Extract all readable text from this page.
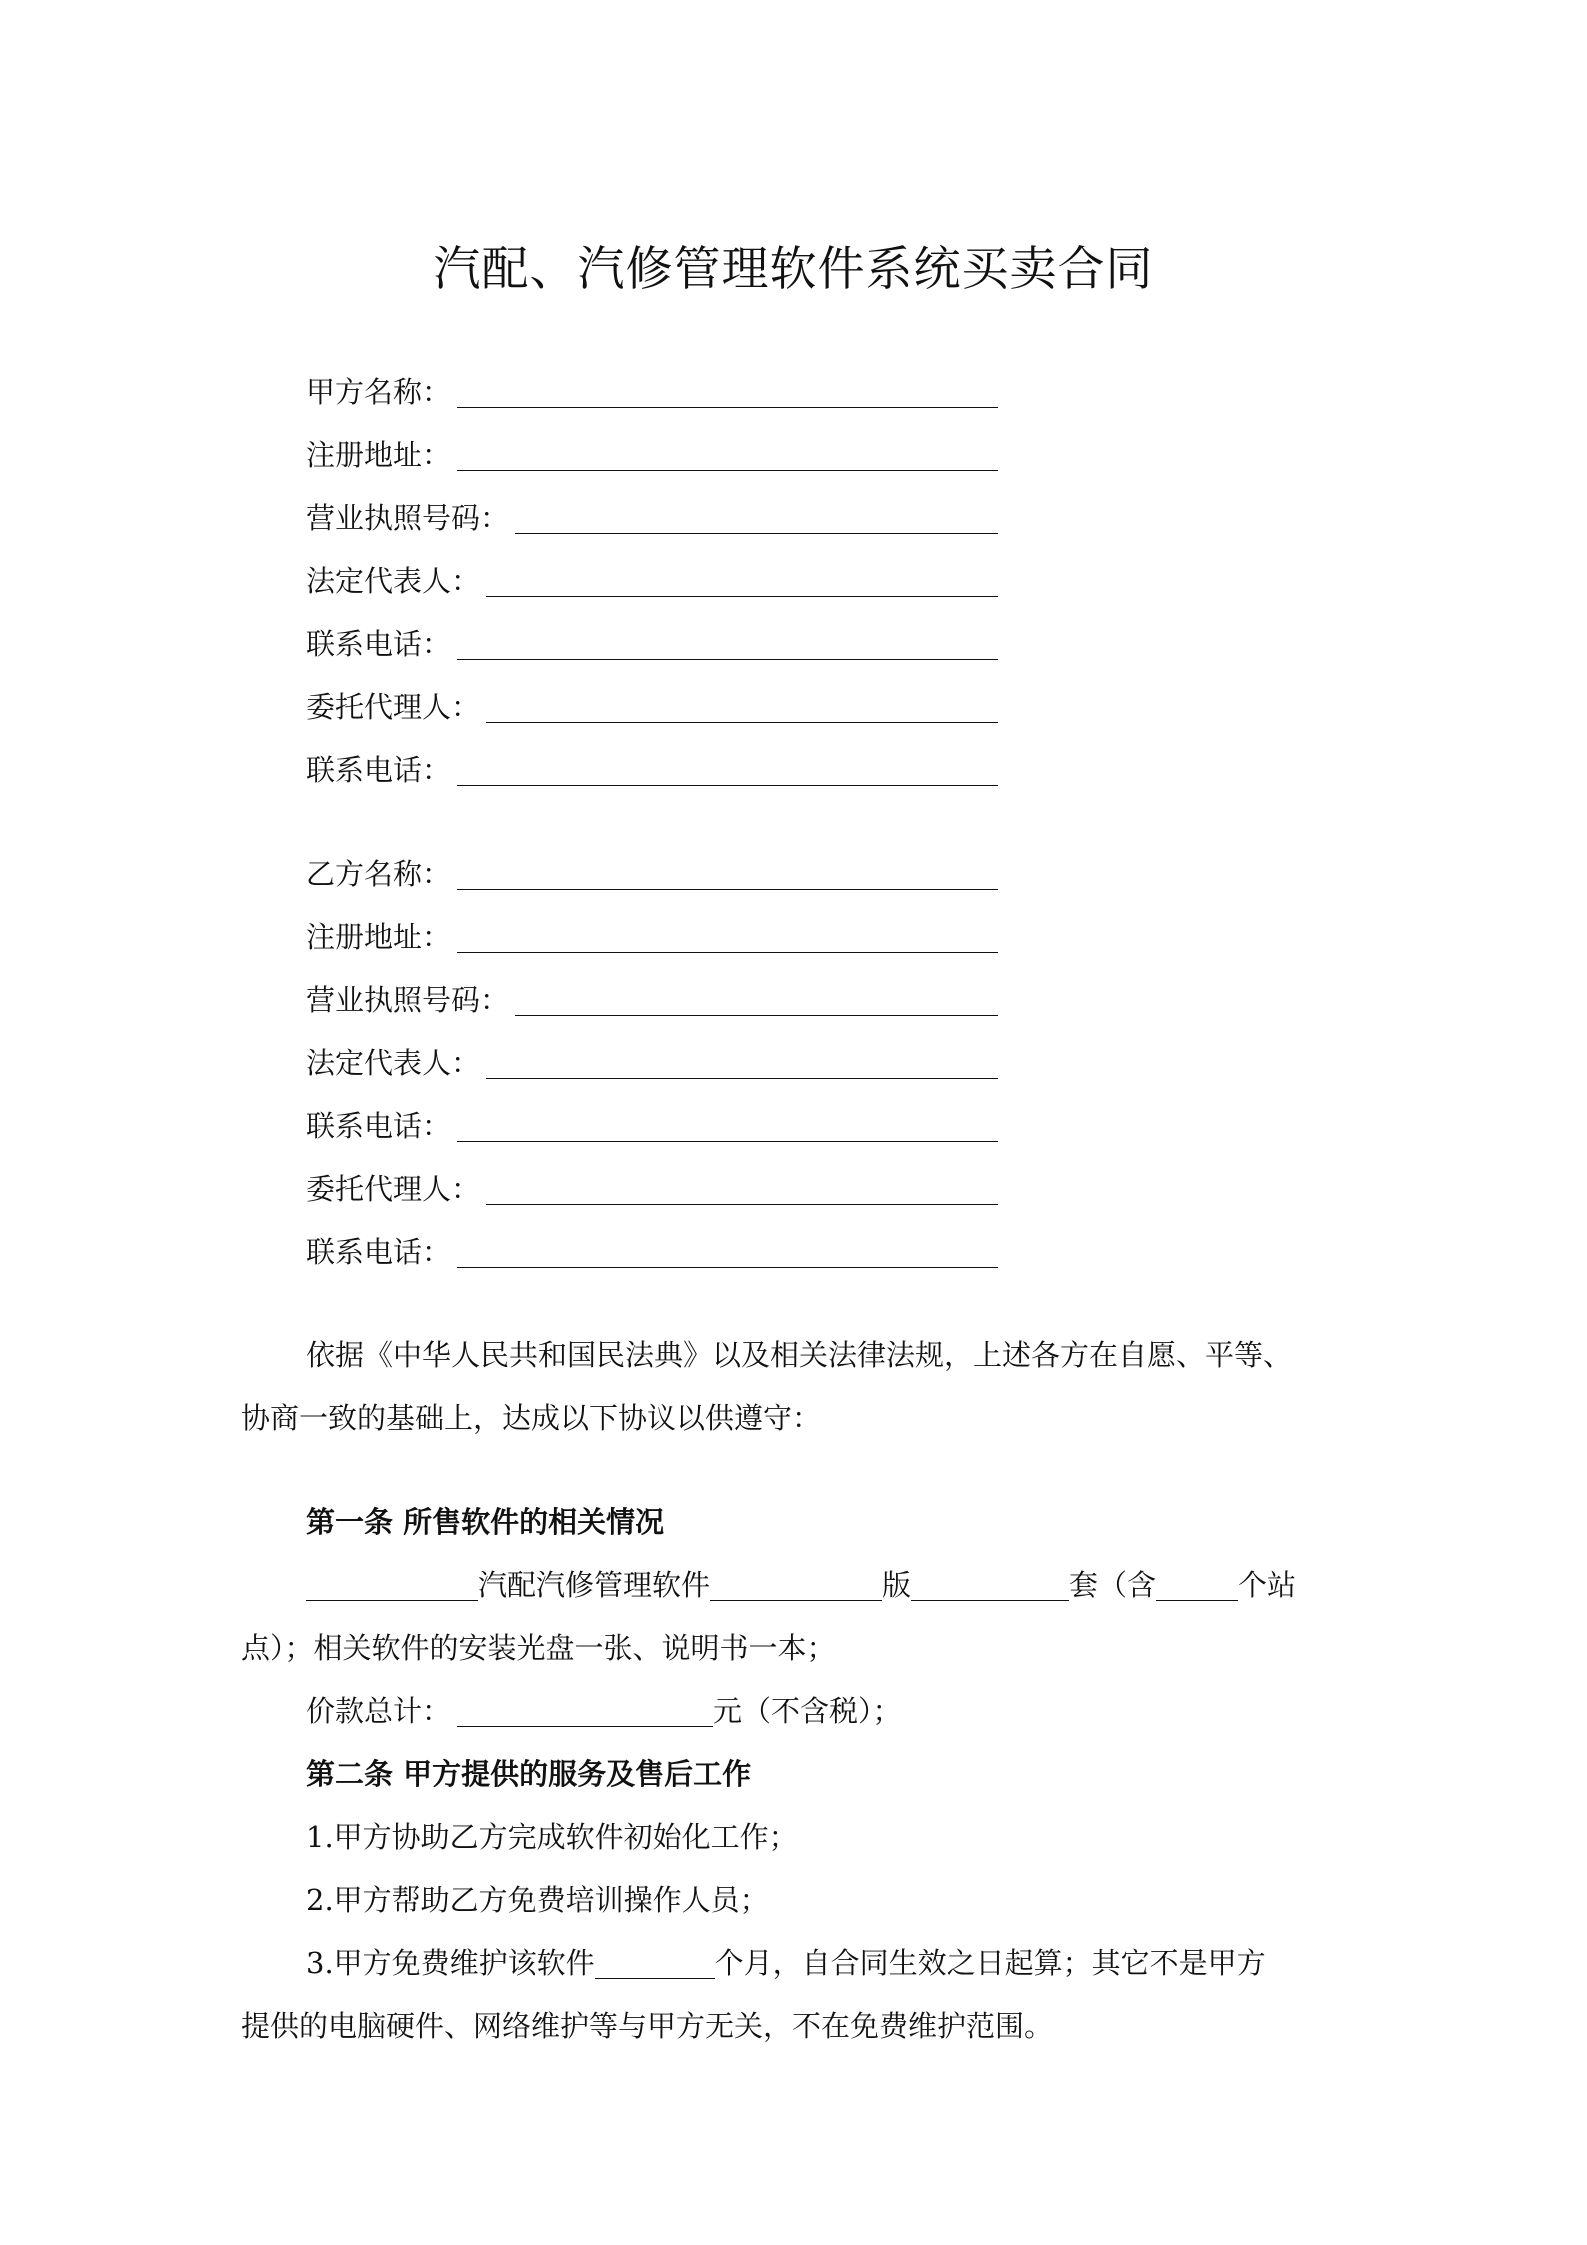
汽配、汽修管理软件系统买卖合同
甲方名称：
注册地址：
营业执照号码：
法定代表人：
联系电话：
委托代理人：
联系电话：
乙方名称：
注册地址：
营业执照号码：
法定代表人：
联系电话：
委托代理人：
联系电话：
依据《中华人民共和国民法典》以及相关法律法规，上述各方在自愿、平等、
协商一致的基础上，达成以下协议以供遵守：
第一条 所售软件的相关情况
汽配汽修管理软件	版	套（含	个站
点）；相关软件的安装光盘一张、说明书一本；
价款总计：	元（不含税）；
第二条 甲方提供的服务及售后工作
1.甲方协助乙方完成软件初始化工作；
2.甲方帮助乙方免费培训操作人员；
3.甲方免费维护该软件	个月，自合同生效之日起算；其它不是甲方
提供的电脑硬件、网络维护等与甲方无关，不在免费维护范围。
